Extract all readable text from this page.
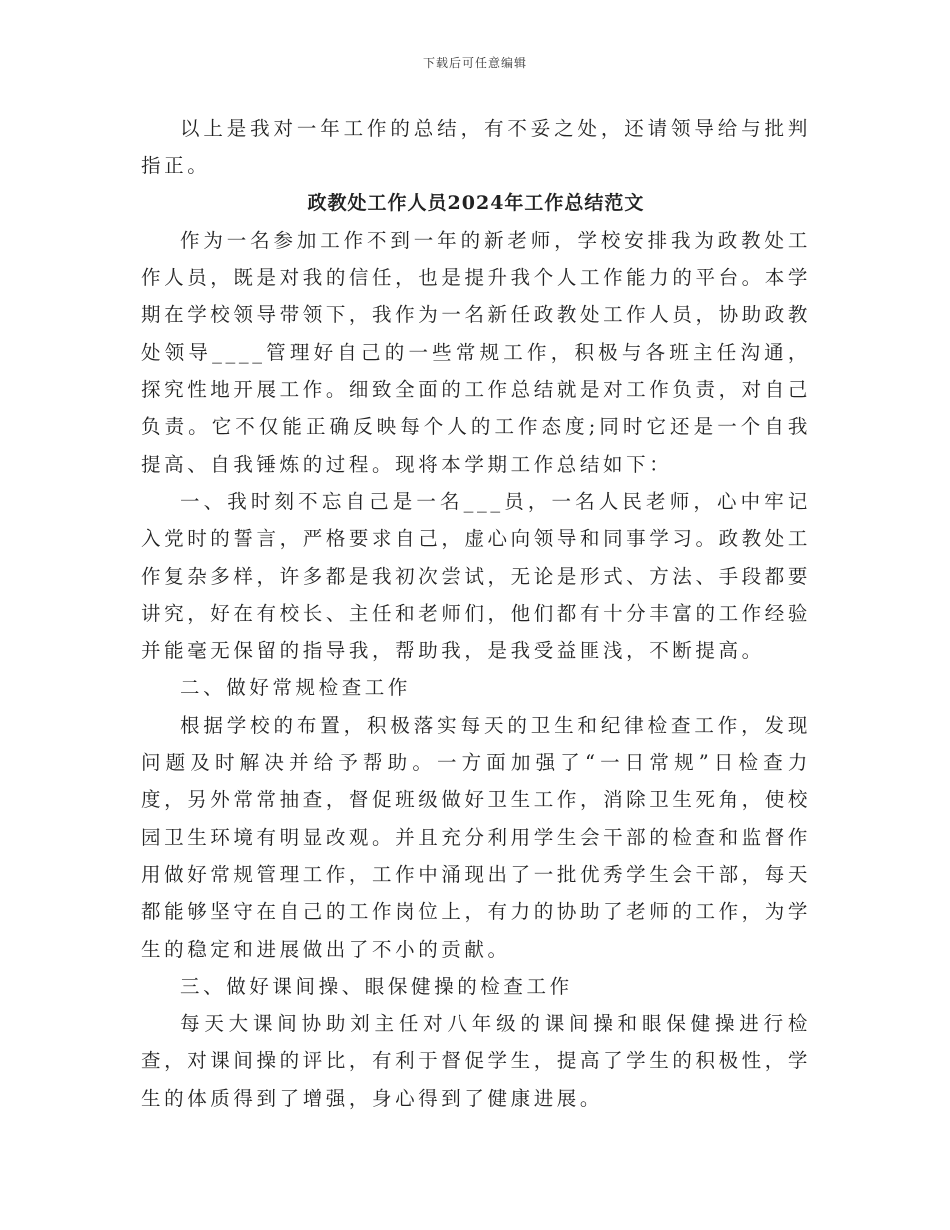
下载后可任意编辑

以上是我对一年工作的总结，有不妥之处，还请领导给与批判指正。

政教处工作人员2024年工作总结范文

作为一名参加工作不到一年的新老师，学校安排我为政教处工作人员，既是对我的信任，也是提升我个人工作能力的平台。本学期在学校领导带领下，我作为一名新任政教处工作人员，协助政教处领导____管理好自己的一些常规工作，积极与各班主任沟通，探究性地开展工作。细致全面的工作总结就是对工作负责，对自己负责。它不仅能正确反映每个人的工作态度;同时它还是一个自我提高、自我锤炼的过程。现将本学期工作总结如下：

一、我时刻不忘自己是一名___员，一名人民老师，心中牢记入党时的誓言，严格要求自己，虚心向领导和同事学习。政教处工作复杂多样，许多都是我初次尝试，无论是形式、方法、手段都要讲究，好在有校长、主任和老师们，他们都有十分丰富的工作经验并能毫无保留的指导我，帮助我，是我受益匪浅，不断提高。

二、做好常规检查工作

根据学校的布置，积极落实每天的卫生和纪律检查工作，发现问题及时解决并给予帮助。一方面加强了“一日常规”日检查力度，另外常常抽查，督促班级做好卫生工作，消除卫生死角，使校园卫生环境有明显改观。并且充分利用学生会干部的检查和监督作用做好常规管理工作，工作中涌现出了一批优秀学生会干部，每天都能够坚守在自己的工作岗位上，有力的协助了老师的工作，为学生的稳定和进展做出了不小的贡献。

三、做好课间操、眼保健操的检查工作

每天大课间协助刘主任对八年级的课间操和眼保健操进行检查，对课间操的评比，有利于督促学生，提高了学生的积极性，学生的体质得到了增强，身心得到了健康进展。
